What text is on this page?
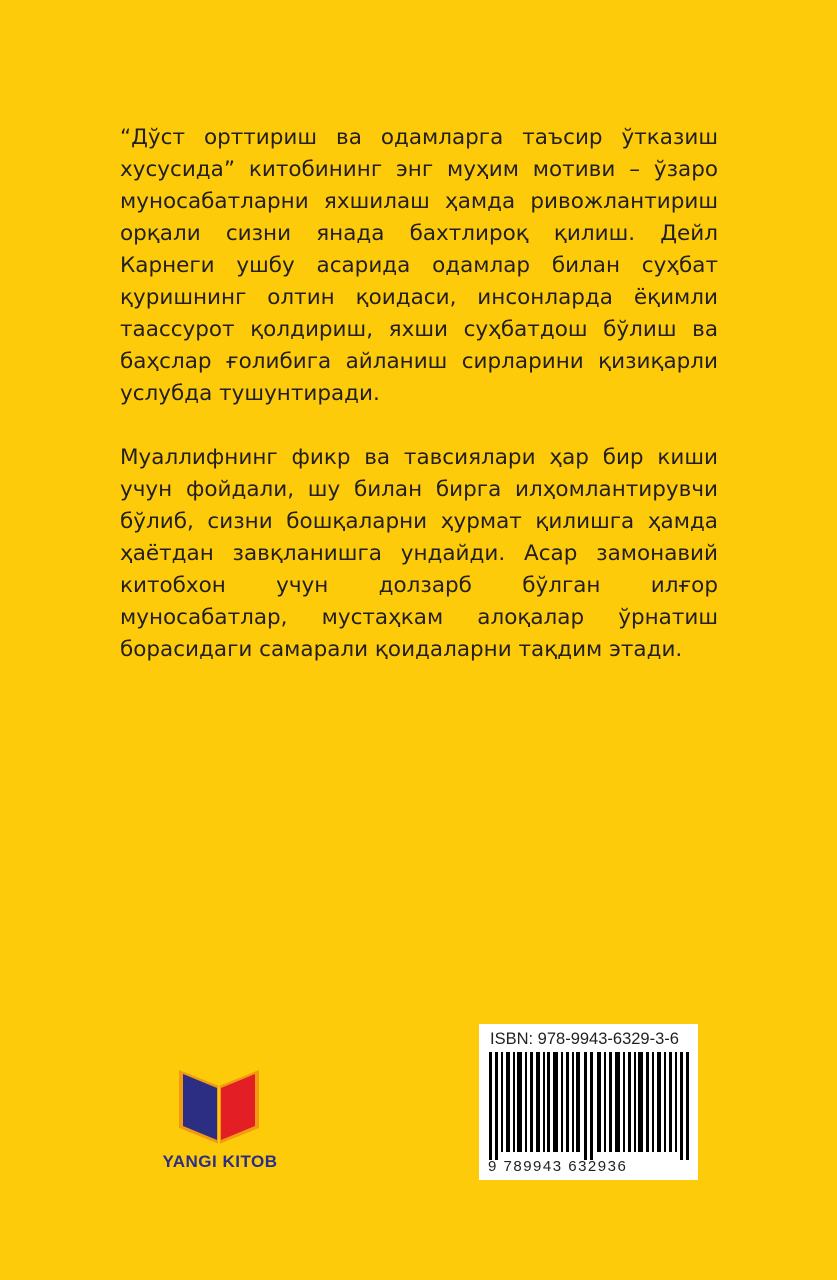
“Дўст орттириш ва одамларга таъсир ўтказиш хусусида” китобининг энг муҳим мотиви – ўзаро муносабатларни яхшилаш ҳамда ривожлантириш орқали сизни янада бахтлироқ қилиш. Дейл Карнеги ушбу асарида одамлар билан суҳбат қуришнинг олтин қоидаси, инсонларда ёқимли таассурот қолдириш, яхши суҳбатдош бўлиш ва баҳслар ғолибига айланиш сирларини қизиқарли услубда тушунтиради.

Муаллифнинг фикр ва тавсиялари ҳар бир киши учун фойдали, шу билан бирга илҳомлантирувчи бўлиб, сизни бошқаларни ҳурмат қилишга ҳамда ҳаётдан завқланишга ундайди. Асар замонавий китобхон учун долзарб бўлган илғор муносабатлар, мустаҳкам алоқалар ўрнатиш борасидаги самарали қоидаларни тақдим этади.

YANGI KITOB
ISBN: 978-9943-6329-3-6
9 789943 632936
